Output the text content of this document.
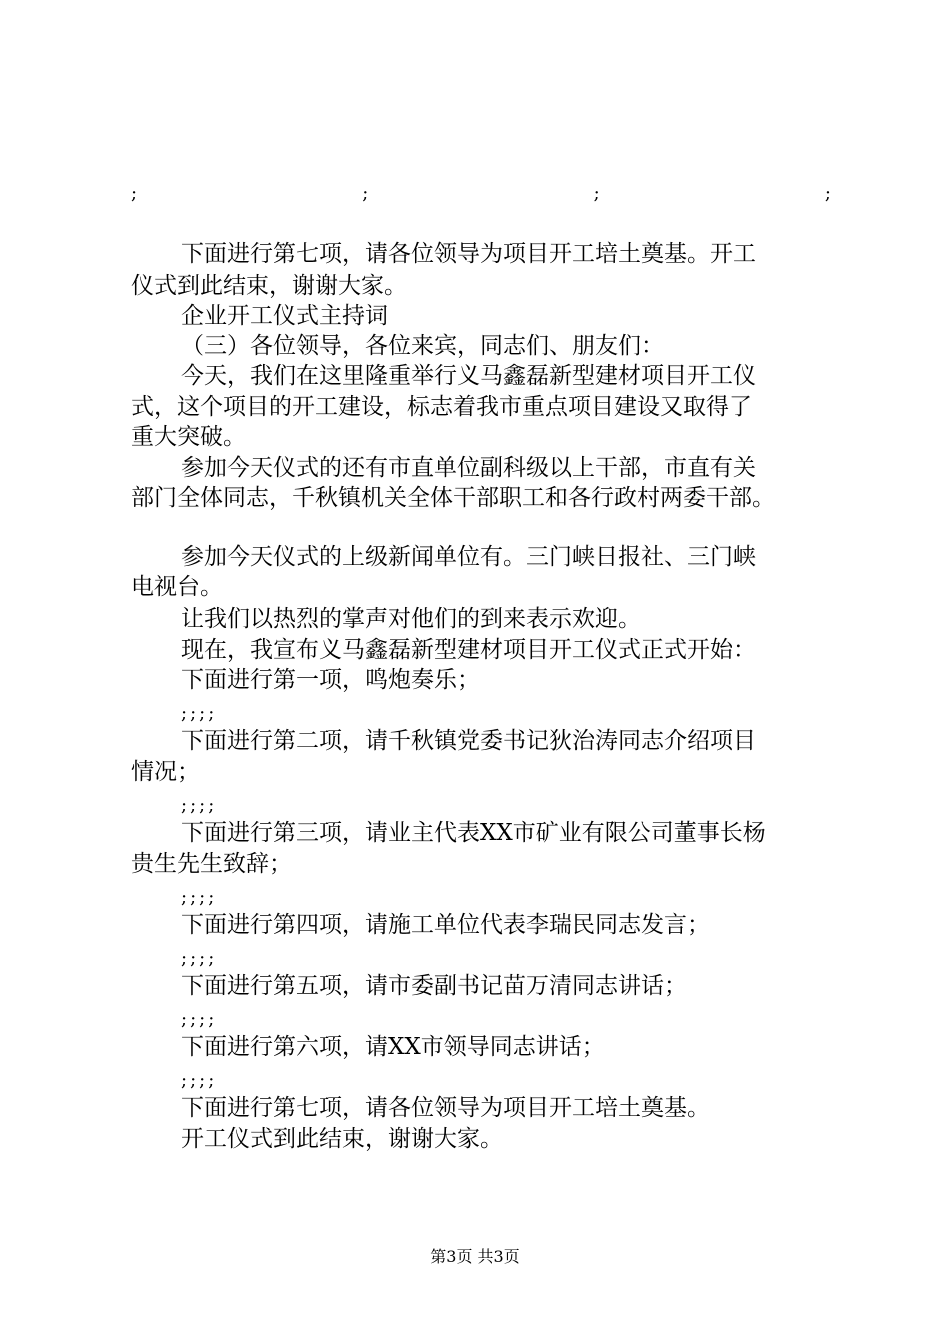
;	;	;	;
下面进行第七项，请各位领导为项目开工培土奠基。开工
仪式到此结束，谢谢大家。
企业开工仪式主持词
（三）各位领导，各位来宾，同志们、朋友们：
今天，我们在这里隆重举行义马鑫磊新型建材项目开工仪
式，这个项目的开工建设，标志着我市重点项目建设又取得了
重大突破。
参加今天仪式的还有市直单位副科级以上干部，市直有关
部门全体同志，千秋镇机关全体干部职工和各行政村两委干部。
参加今天仪式的上级新闻单位有。三门峡日报社、三门峡
电视台。
让我们以热烈的掌声对他们的到来表示欢迎。
现在，我宣布义马鑫磊新型建材项目开工仪式正式开始：
下面进行第一项，鸣炮奏乐；
;;;;
下面进行第二项，请千秋镇党委书记狄治涛同志介绍项目
情况；
;;;;
下面进行第三项，请业主代表XX市矿业有限公司董事长杨
贵生先生致辞；
;;;;
下面进行第四项，请施工单位代表李瑞民同志发言；
;;;;
下面进行第五项，请市委副书记苗万清同志讲话；
;;;;
下面进行第六项，请XX市领导同志讲话；
;;;;
下面进行第七项，请各位领导为项目开工培土奠基。
开工仪式到此结束，谢谢大家。
第3页 共3页
